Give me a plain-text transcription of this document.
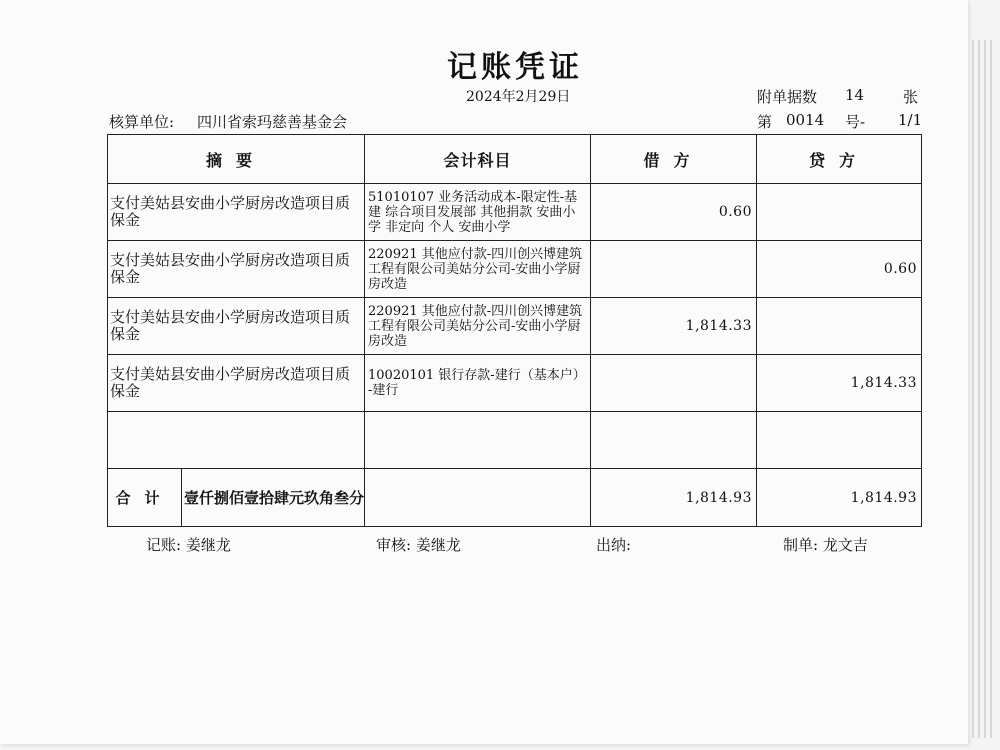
记账凭证
2024年2月29日	附单据数 14	张
核算单位: 四川省索玛慈善基金会	第 0014 号- 1/1
摘要	会计科目	借方	贷方
支付美姑县安曲小学厨房改造项目质保金	51010107 业务活动成本-限定性-基建 综合项目发展部 其他捐款 安曲小学 非定向 个人 安曲小学	0.60	
支付美姑县安曲小学厨房改造项目质保金	220921 其他应付款-四川创兴博建筑工程有限公司美姑分公司-安曲小学厨房改造		0.60
支付美姑县安曲小学厨房改造项目质保金	220921 其他应付款-四川创兴博建筑工程有限公司美姑分公司-安曲小学厨房改造	1,814.33	
支付美姑县安曲小学厨房改造项目质保金	10020101 银行存款-建行（基本户）-建行		1,814.33

合计 壹仟捌佰壹拾肆元玖角叁分		1,814.93	1,814.93
记账: 姜继龙	审核: 姜继龙	出纳:	制单: 龙文吉
